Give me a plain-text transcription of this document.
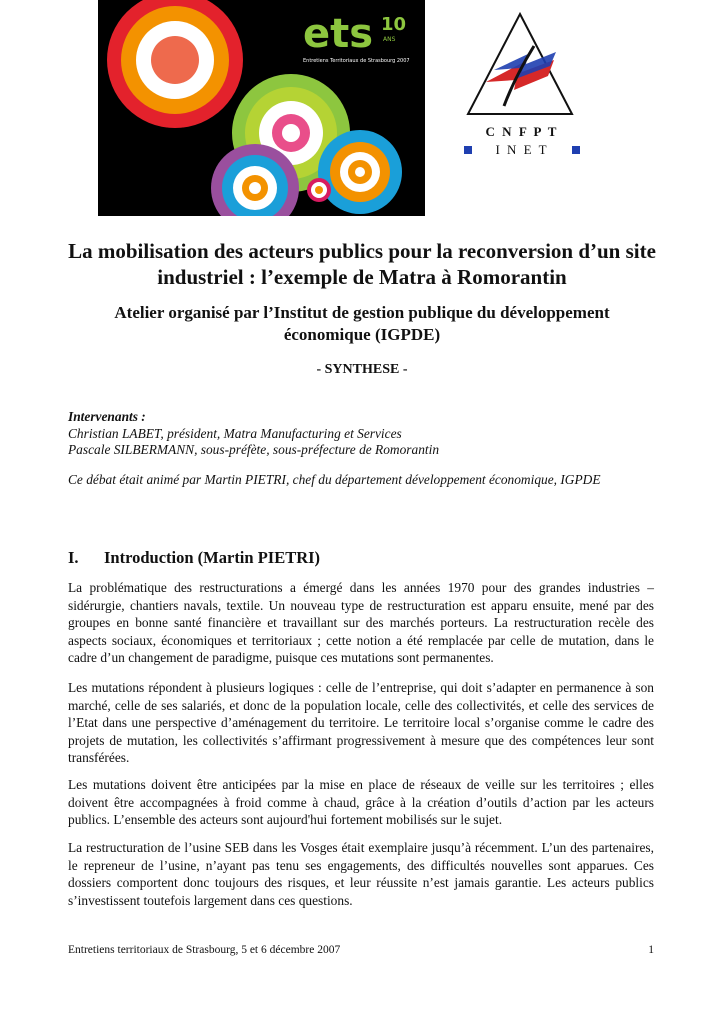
ets 10
ANS
Entretiens Territoriaux de Strasbourg 2007
C N F P T
I N E T
La mobilisation des acteurs publics pour la reconversion d’un site industriel : l’exemple de Matra à Romorantin
Atelier organisé par l’Institut de gestion publique du développement économique (IGPDE)

- SYNTHESE -

Intervenants :
Christian LABET, président, Matra Manufacturing et Services
Pascale SILBERMANN, sous-préfète, sous-préfecture de Romorantin
Ce débat était animé par Martin PIETRI, chef du département développement économique, IGPDE
I. Introduction (Martin PIETRI)

La problématique des restructurations a émergé dans les années 1970 pour des grandes industries – sidérurgie, chantiers navals, textile. Un nouveau type de restructuration est apparu ensuite, mené par des groupes en bonne santé financière et travaillant sur des marchés porteurs. La restructuration recèle des aspects sociaux, économiques et territoriaux ; cette notion a été remplacée par celle de mutation, dans le cadre d’un changement de paradigme, puisque ces mutations sont permanentes.

Les mutations répondent à plusieurs logiques : celle de l’entreprise, qui doit s’adapter en permanence à son marché, celle de ses salariés, et donc de la population locale, celle des collectivités, et celle des services de l’Etat dans une perspective d’aménagement du territoire. Le territoire local s’organise comme le cadre des projets de mutation, les collectivités s’affirmant progressivement à mesure que des compétences leur sont transférées.

Les mutations doivent être anticipées par la mise en place de réseaux de veille sur les territoires ; elles doivent être accompagnées à froid comme à chaud, grâce à la création d’outils d’action par les acteurs publics. L’ensemble des acteurs sont aujourd'hui fortement mobilisés sur le sujet.

La restructuration de l’usine SEB dans les Vosges était exemplaire jusqu’à récemment. L’un des partenaires, le repreneur de l’usine, n’ayant pas tenu ses engagements, des difficultés nouvelles sont apparues. Ces dossiers comportent donc toujours des risques, et leur réussite n’est jamais garantie. Les acteurs publics s’investissent toutefois largement dans ces questions.

Entretiens territoriaux de Strasbourg, 5 et 6 décembre 2007	1
